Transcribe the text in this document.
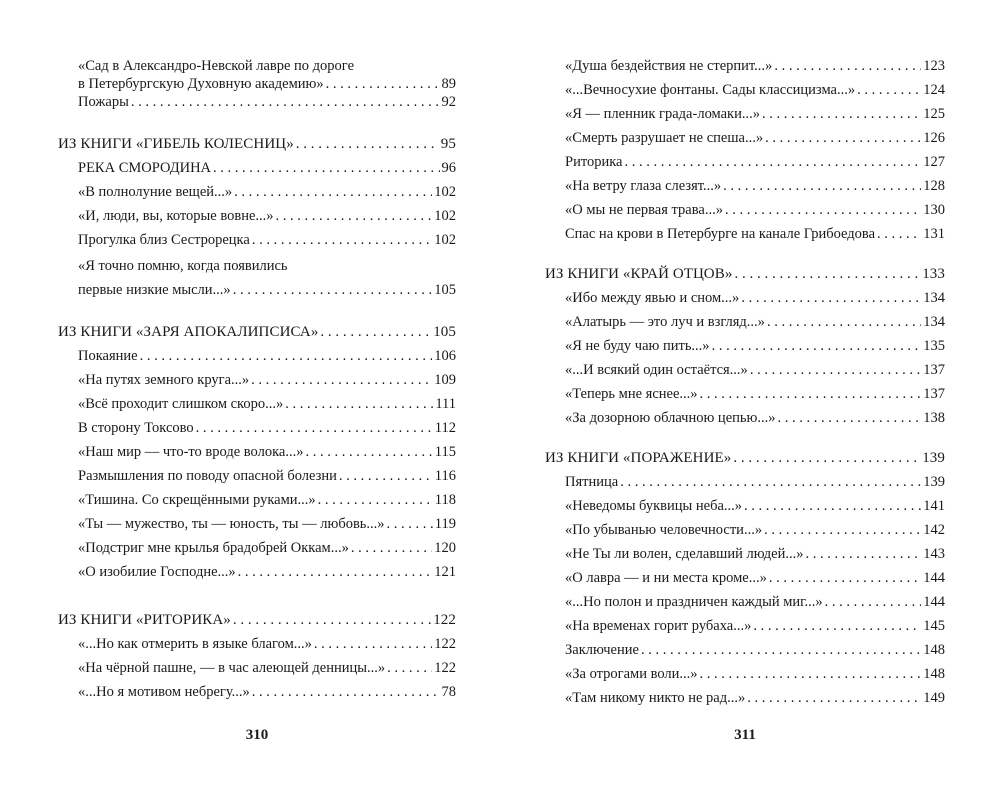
«Сад в Александро-Невской лавре по дороге
в Петербургскую Духовную академию» . . .	89
Пожары . . .	92
ИЗ КНИГИ «ГИБЕЛЬ КОЛЕСНИЦ» . . .	95
РЕКА СМОРОДИНА . . .	96
«В полнолуние вещей...» . . .	102
«И, люди, вы, которые вовне...» . . .	102
Прогулка близ Сестрорецка . . .	102
«Я точно помню, когда появились
первые низкие мысли...» . . .	105
ИЗ КНИГИ «ЗАРЯ АПОКАЛИПСИСА» . . .	105
Покаяние . . .	106
«На путях земного круга...» . . .	109
«Всё проходит слишком скоро...» . . .	111
В сторону Токсово . . .	112
«Наш мир — что-то вроде волока...» . . .	115
Размышления по поводу опасной болезни . . .	116
«Тишина. Со скрещёнными руками...» . . .	118
«Ты — мужество, ты — юность, ты — любовь...» . . .	119
«Подстриг мне крылья брадобрей Оккам...» . . .	120
«О изобилие Господне...» . . .	121
ИЗ КНИГИ «РИТОРИКА» . . .	122
«...Но как отмерить в языке благом...» . . .	122
«На чёрной пашне, — в час алеющей денницы...» . . .	122
«...Но я мотивом небрегу...» . . .	78
310
«Душа бездействия не стерпит...» . . .	123
«...Вечносухие фонтаны. Сады классицизма...» . . .	124
«Я — пленник града-ломаки...» . . .	125
«Смерть разрушает не спеша...» . . .	126
Риторика . . .	127
«На ветру глаза слезят...» . . .	128
«О мы не первая трава...» . . .	130
Спас на крови в Петербурге на канале Грибоедова . . .	131
ИЗ КНИГИ «КРАЙ ОТЦОВ» . . .	133
«Ибо между явью и сном...» . . .	134
«Алатырь — это луч и взгляд...» . . .	134
«Я не буду чаю пить...» . . .	135
«...И всякий один остаётся...» . . .	137
«Теперь мне яснее...» . . .	137
«За дозорною облачною цепью...» . . .	138
ИЗ КНИГИ «ПОРАЖЕНИЕ» . . .	139
Пятница . . .	139
«Неведомы буквицы неба...» . . .	141
«По убыванью человечности...» . . .	142
«Не Ты ли волен, сделавший людей...» . . .	143
«О лавра — и ни места кроме...» . . .	144
«...Но полон и праздничен каждый миг...» . . .	144
«На временах горит рубаха...» . . .	145
Заключение . . .	148
«За отрогами воли...» . . .	148
«Там никому никто не рад...» . . .	149
311
